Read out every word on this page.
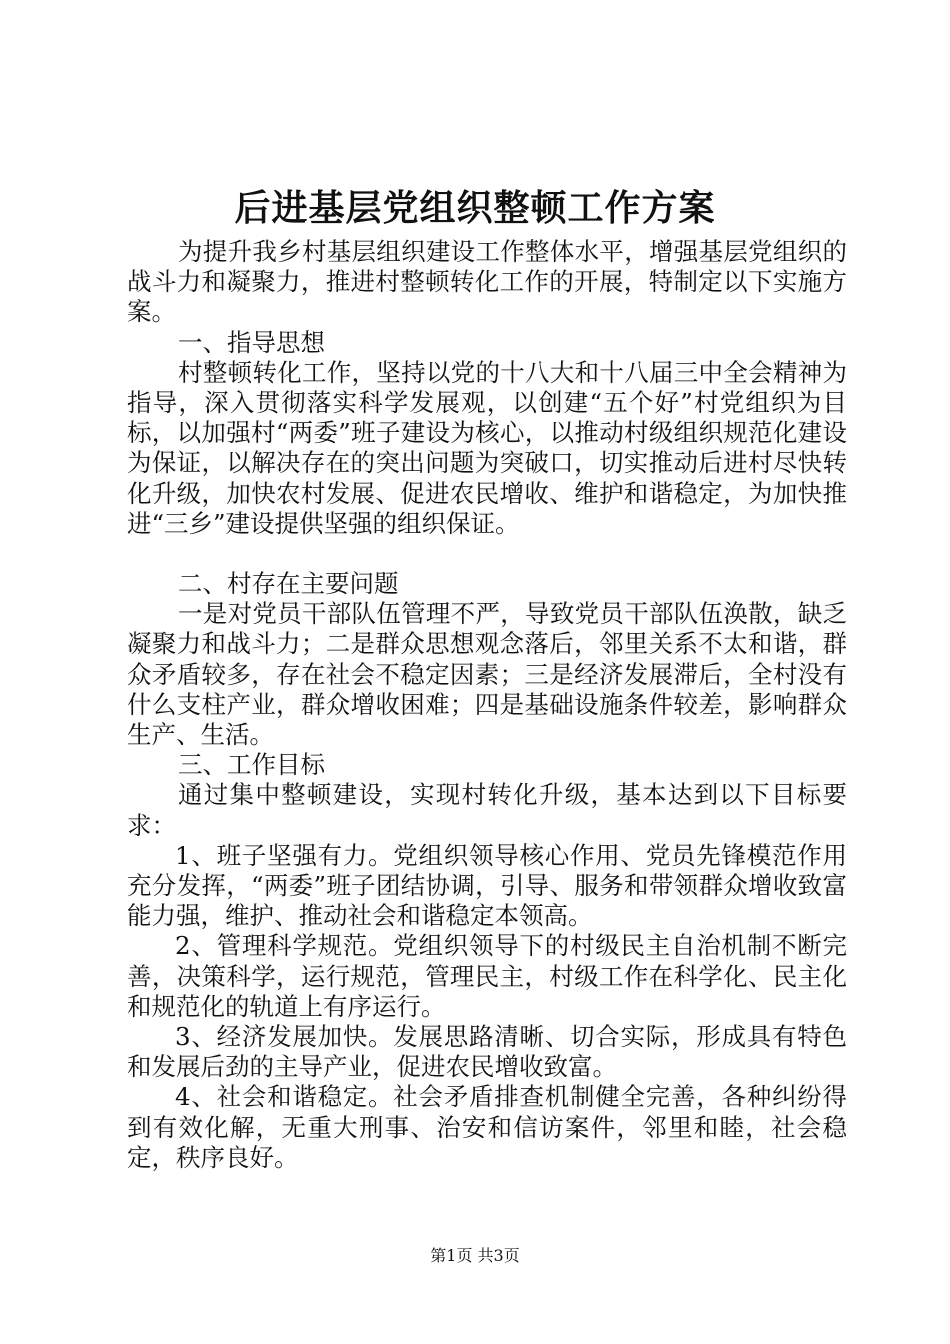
后进基层党组织整顿工作方案

为提升我乡村基层组织建设工作整体水平，增强基层党组织的战斗力和凝聚力，推进村整顿转化工作的开展，特制定以下实施方案。

一、指导思想

村整顿转化工作，坚持以党的十八大和十八届三中全会精神为指导，深入贯彻落实科学发展观，以创建“五个好”村党组织为目标，以加强村“两委”班子建设为核心，以推动村级组织规范化建设为保证，以解决存在的突出问题为突破口，切实推动后进村尽快转化升级，加快农村发展、促进农民增收、维护和谐稳定，为加快推进“三乡”建设提供坚强的组织保证。

二、村存在主要问题

一是对党员干部队伍管理不严，导致党员干部队伍涣散，缺乏凝聚力和战斗力；二是群众思想观念落后，邻里关系不太和谐，群众矛盾较多，存在社会不稳定因素；三是经济发展滞后，全村没有什么支柱产业，群众增收困难；四是基础设施条件较差，影响群众生产、生活。

三、工作目标

通过集中整顿建设，实现村转化升级，基本达到以下目标要求：

1、班子坚强有力。党组织领导核心作用、党员先锋模范作用充分发挥，“两委”班子团结协调，引导、服务和带领群众增收致富能力强，维护、推动社会和谐稳定本领高。

2、管理科学规范。党组织领导下的村级民主自治机制不断完善，决策科学，运行规范，管理民主，村级工作在科学化、民主化和规范化的轨道上有序运行。

3、经济发展加快。发展思路清晰、切合实际，形成具有特色和发展后劲的主导产业，促进农民增收致富。

4、社会和谐稳定。社会矛盾排查机制健全完善，各种纠纷得到有效化解，无重大刑事、治安和信访案件，邻里和睦，社会稳定，秩序良好。

第1页 共3页
